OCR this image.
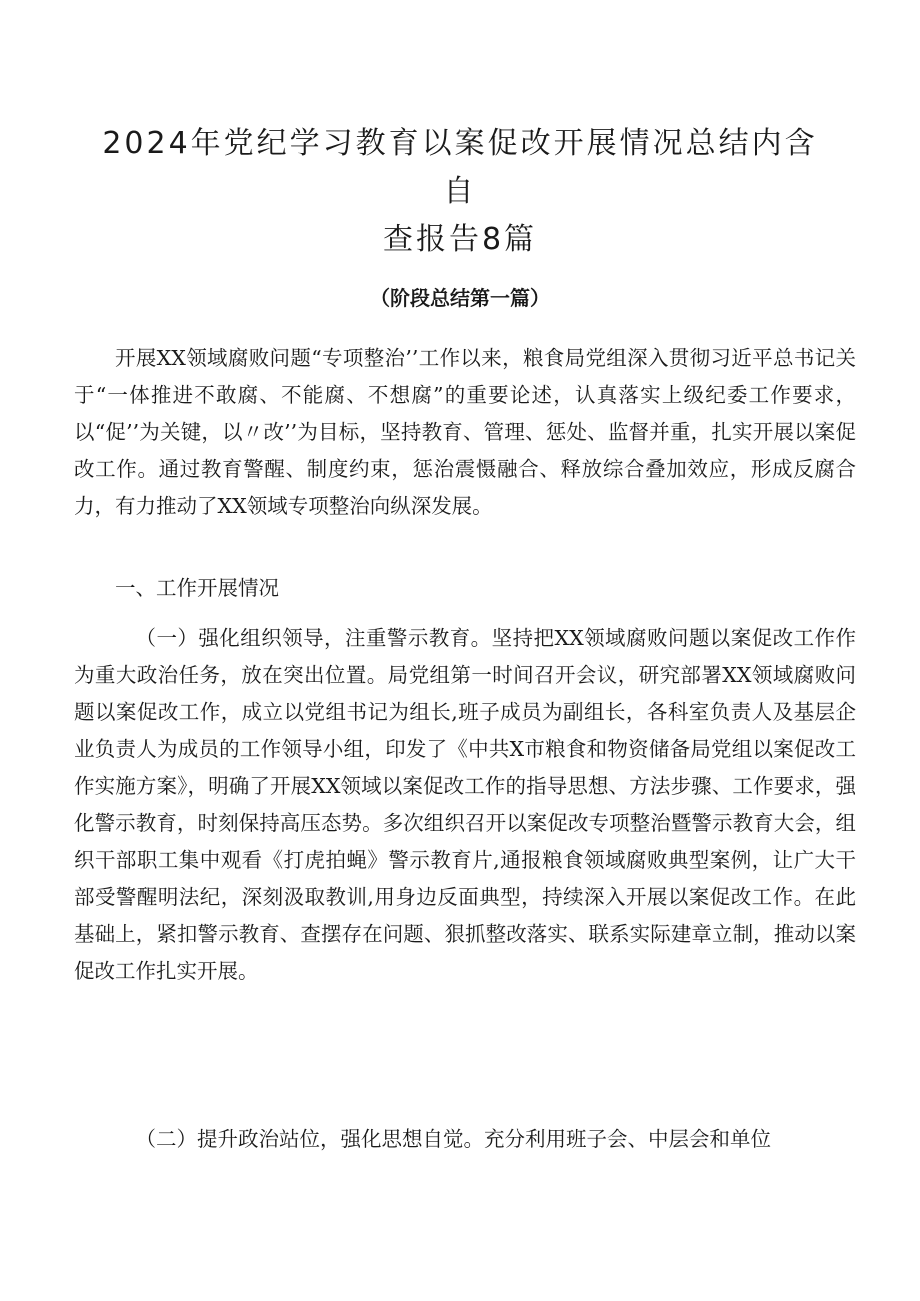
2024年党纪学习教育以案促改开展情况总结内含自
查报告8篇

（阶段总结第一篇）

开展XX领域腐败问题“专项整治’’工作以来，粮食局党组深入贯彻习近平总书记关于“一体推进不敢腐、不能腐、不想腐”的重要论述，认真落实上级纪委工作要求，以“促’’为关键，以〃改’’为目标，坚持教育、管理、惩处、监督并重，扎实开展以案促改工作。通过教育警醒、制度约束，惩治震慑融合、释放综合叠加效应，形成反腐合力，有力推动了XX领域专项整治向纵深发展。

一、工作开展情况

（一）强化组织领导，注重警示教育。坚持把XX领域腐败问题以案促改工作作为重大政治任务，放在突出位置。局党组第一时间召开会议，研究部署XX领域腐败问题以案促改工作，成立以党组书记为组长,班子成员为副组长，各科室负责人及基层企业负责人为成员的工作领导小组，印发了《中共X市粮食和物资储备局党组以案促改工作实施方案》，明确了开展XX领域以案促改工作的指导思想、方法步骤、工作要求，强化警示教育，时刻保持高压态势。多次组织召开以案促改专项整治暨警示教育大会，组织干部职工集中观看《打虎拍蝇》警示教育片,通报粮食领域腐败典型案例，让广大干部受警醒明法纪，深刻汲取教训,用身边反面典型，持续深入开展以案促改工作。在此基础上，紧扣警示教育、查摆存在问题、狠抓整改落实、联系实际建章立制，推动以案促改工作扎实开展。

（二）提升政治站位，强化思想自觉。充分利用班子会、中层会和单位
